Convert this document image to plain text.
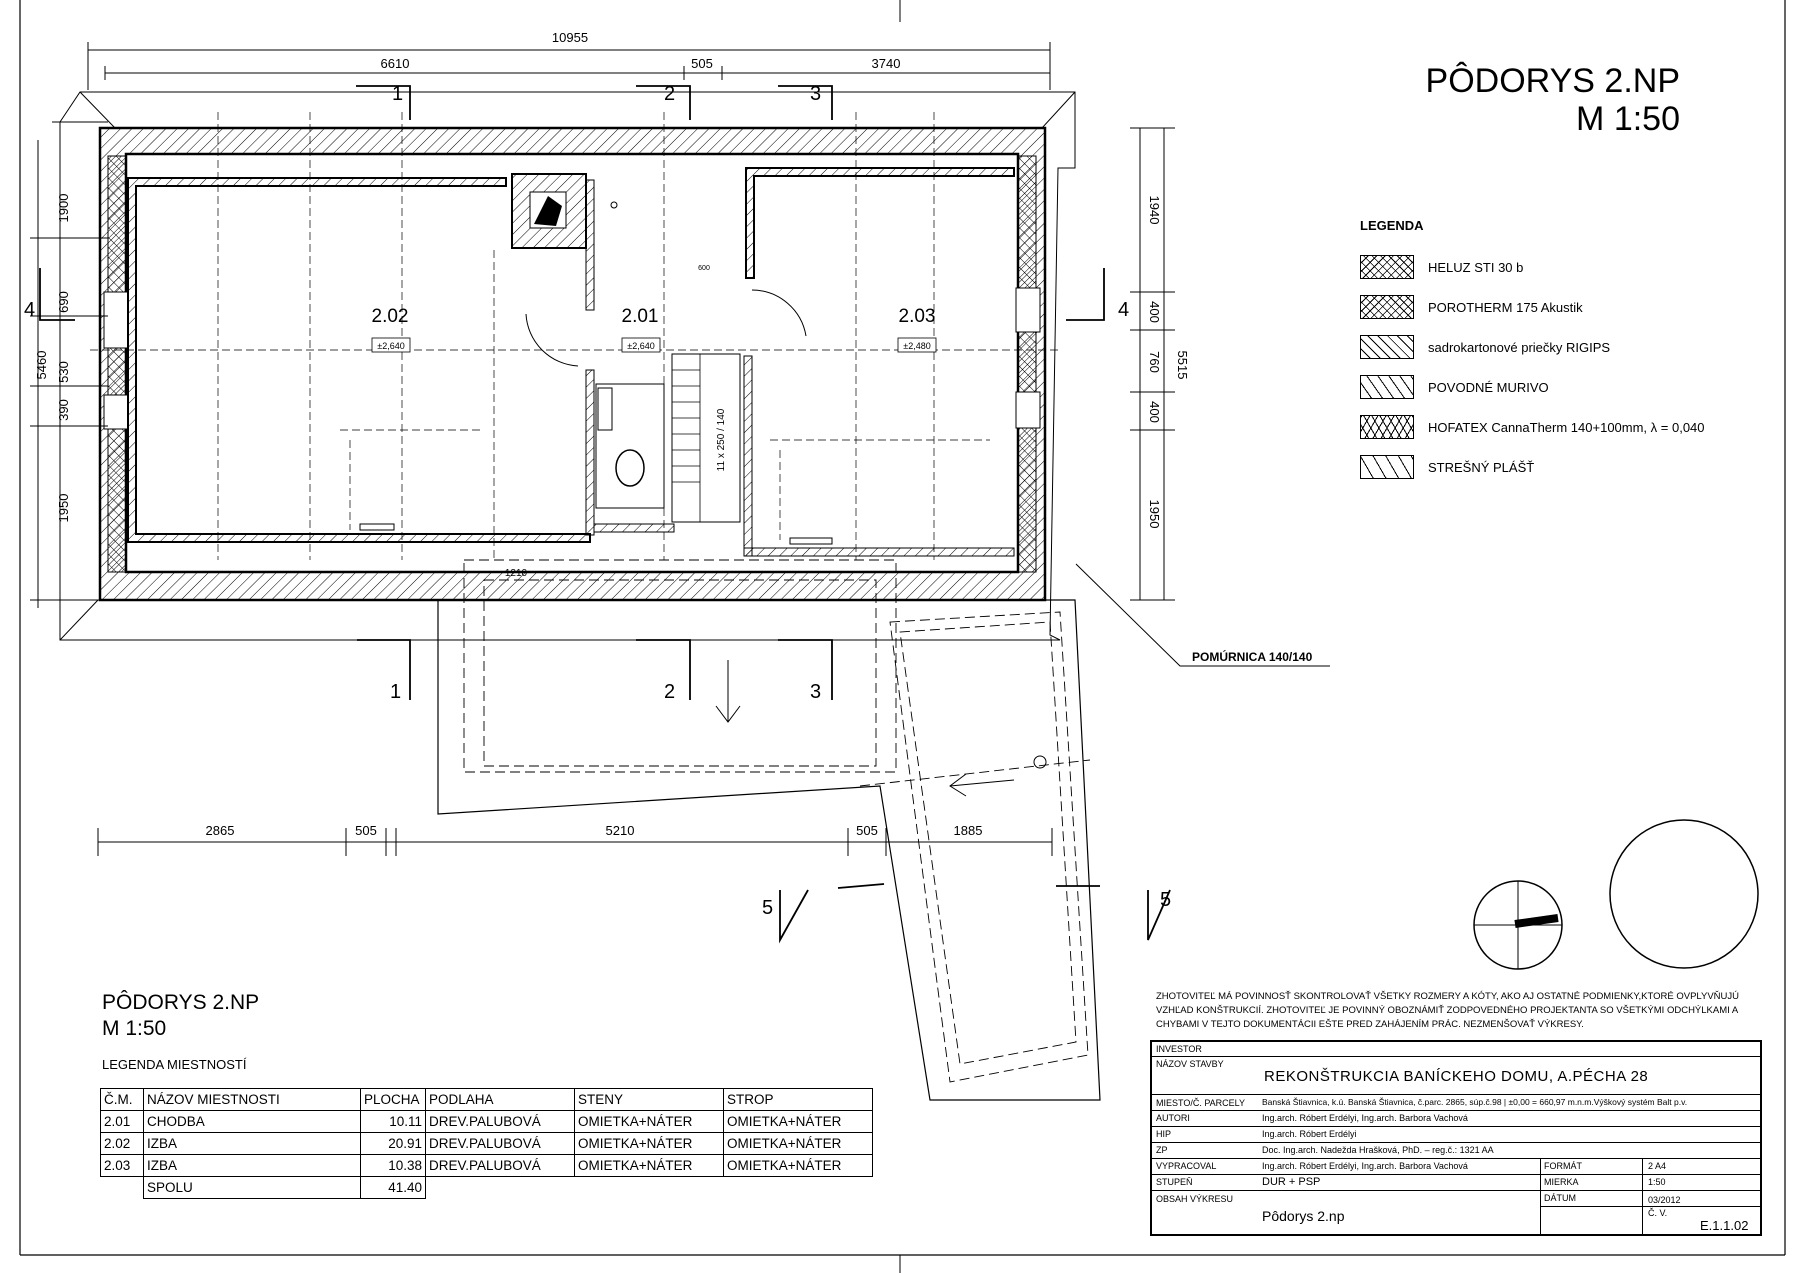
10955
6610	505	3740
2865	505	5210	505	1885
5460
1900
690
530
390
1950
5515
1940
400
760
400
1950
1
1
2
2
3
3
4	4
5	5
2.02
±2,640
2.01
±2,640
2.03
±2,480
11 x 250 / 140
600
1210
POMÚRNICA 140/140
PÔDORYS 2.NP
M 1:50
LEGENDA
HELUZ STI 30 b
POROTHERM 175 Akustik
sadrokartonové priečky RIGIPS
POVODNÉ MURIVO
HOFATEX CannaTherm 140+100mm, λ = 0,040
STREŠNÝ PLÁŠŤ
PÔDORYS 2.NP
M 1:50
LEGENDA MIESTNOSTÍ
Č.M.	NÁZOV MIESTNOSTI	PLOCHA	PODLAHA	STENY	STROP
2.01	CHODBA	10.11	DREV.PALUBOVÁ	OMIETKA+NÁTER	OMIETKA+NÁTER
2.02	IZBA	20.91	DREV.PALUBOVÁ	OMIETKA+NÁTER	OMIETKA+NÁTER
2.03	IZBA	10.38	DREV.PALUBOVÁ	OMIETKA+NÁTER	OMIETKA+NÁTER
	SPOLU	41.40			
ZHOTOVITEĽ MÁ POVINNOSŤ SKONTROLOVAŤ VŠETKY ROZMERY A KÓTY, AKO AJ OSTATNÉ PODMIENKY,KTORÉ OVPLYVŇUJÚ VZHĽAD KONŠTRUKCIÍ. ZHOTOVITEĽ JE POVINNÝ OBOZNÁMIŤ ZODPOVEDNÉHO PROJEKTANTA SO VŠETKÝMI ODCHÝLKAMI A CHYBAMI V TEJTO DOKUMENTÁCII EŠTE PRED ZAHÁJENÍM PRÁC. NEZMENŠOVAŤ VÝKRESY.
INVESTOR
NÁZOV STAVBY
REKONŠTRUKCIA BANÍCKEHO DOMU, A.PÉCHA 28
MIESTO/Č. PARCELY Banská Štiavnica, k.ú. Banská Štiavnica, č.parc. 2865, súp.č.98 | ±0,00 = 660,97 m.n.m.Výškový systém Balt p.v.
AUTORI	Ing.arch. Róbert Erdélyi, Ing.arch. Barbora Vachová
HIP	Ing.arch. Róbert Erdélyi
ZP	Doc. Ing.arch. Nadežda Hrašková, PhD. – reg.č.: 1321 AA
VYPRACOVAL	Ing.arch. Róbert Erdélyi, Ing.arch. Barbora Vachová
STUPEŇ	DUR + PSP
OBSAH VÝKRESU
Pôdorys 2.np
FORMÁT	2 A4
MIERKA	1:50
DÁTUM	03/2012
Č. V.
E.1.1.02
